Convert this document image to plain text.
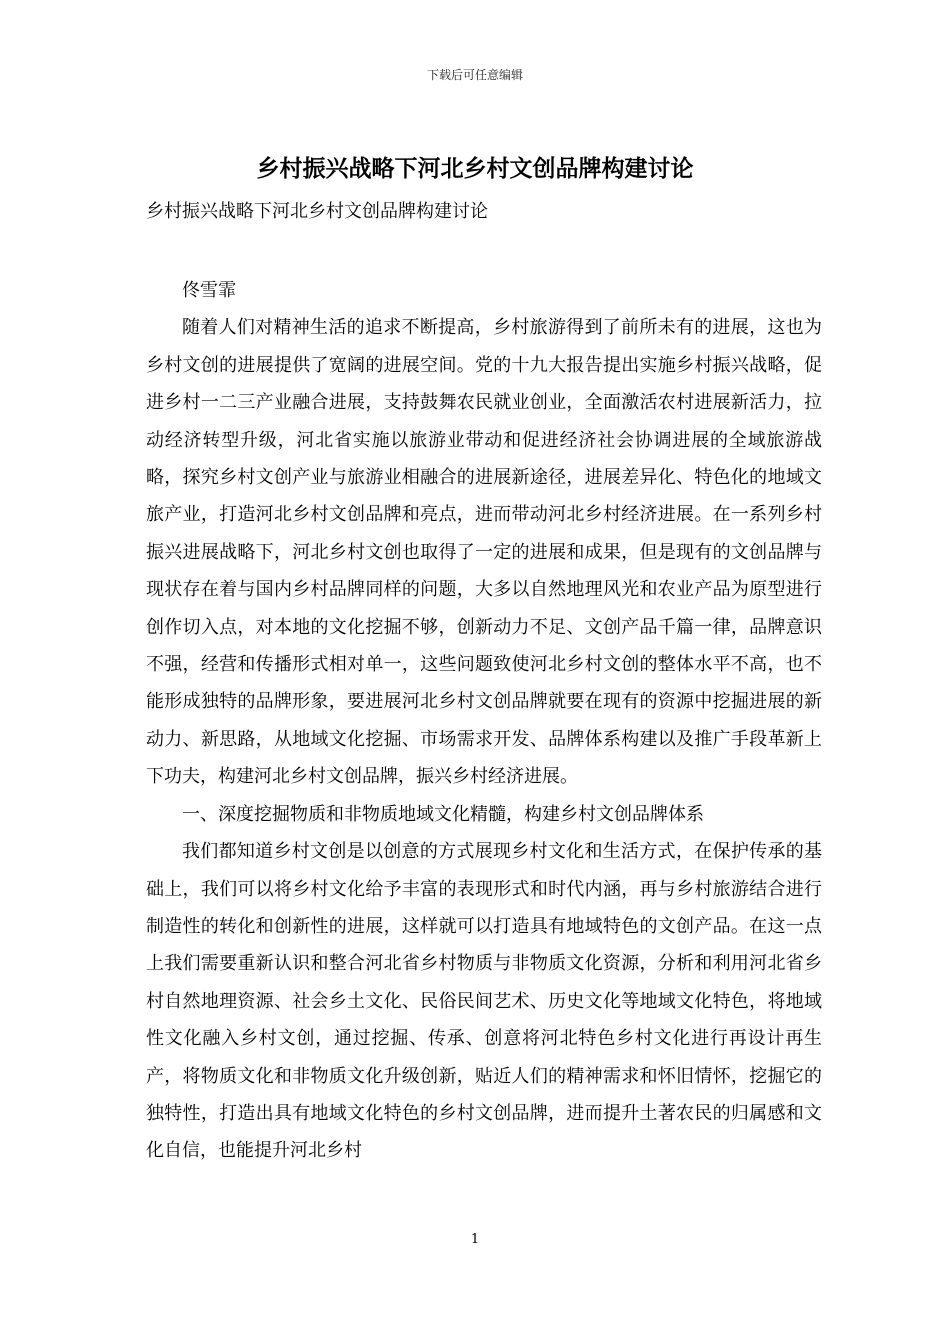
下载后可任意编辑
乡村振兴战略下河北乡村文创品牌构建讨论

乡村振兴战略下河北乡村文创品牌构建讨论

佟雪霏

随着人们对精神生活的追求不断提高，乡村旅游得到了前所未有的进展，这也为乡村文创的进展提供了宽阔的进展空间。党的十九大报告提出实施乡村振兴战略，促进乡村一二三产业融合进展，支持鼓舞农民就业创业，全面激活农村进展新活力，拉动经济转型升级，河北省实施以旅游业带动和促进经济社会协调进展的全域旅游战略，探究乡村文创产业与旅游业相融合的进展新途径，进展差异化、特色化的地域文旅产业，打造河北乡村文创品牌和亮点，进而带动河北乡村经济进展。在一系列乡村振兴进展战略下，河北乡村文创也取得了一定的进展和成果，但是现有的文创品牌与现状存在着与国内乡村品牌同样的问题，大多以自然地理风光和农业产品为原型进行创作切入点，对本地的文化挖掘不够，创新动力不足、文创产品千篇一律，品牌意识不强，经营和传播形式相对单一，这些问题致使河北乡村文创的整体水平不高，也不能形成独特的品牌形象，要进展河北乡村文创品牌就要在现有的资源中挖掘进展的新动力、新思路，从地域文化挖掘、市场需求开发、品牌体系构建以及推广手段革新上下功夫，构建河北乡村文创品牌，振兴乡村经济进展。

一、深度挖掘物质和非物质地域文化精髓，构建乡村文创品牌体系

我们都知道乡村文创是以创意的方式展现乡村文化和生活方式，在保护传承的基础上，我们可以将乡村文化给予丰富的表现形式和时代内涵，再与乡村旅游结合进行制造性的转化和创新性的进展，这样就可以打造具有地域特色的文创产品。在这一点上我们需要重新认识和整合河北省乡村物质与非物质文化资源，分析和利用河北省乡村自然地理资源、社会乡土文化、民俗民间艺术、历史文化等地域文化特色，将地域性文化融入乡村文创，通过挖掘、传承、创意将河北特色乡村文化进行再设计再生产，将物质文化和非物质文化升级创新，贴近人们的精神需求和怀旧情怀，挖掘它的独特性，打造出具有地域文化特色的乡村文创品牌，进而提升土著农民的归属感和文化自信，也能提升河北乡村

1
